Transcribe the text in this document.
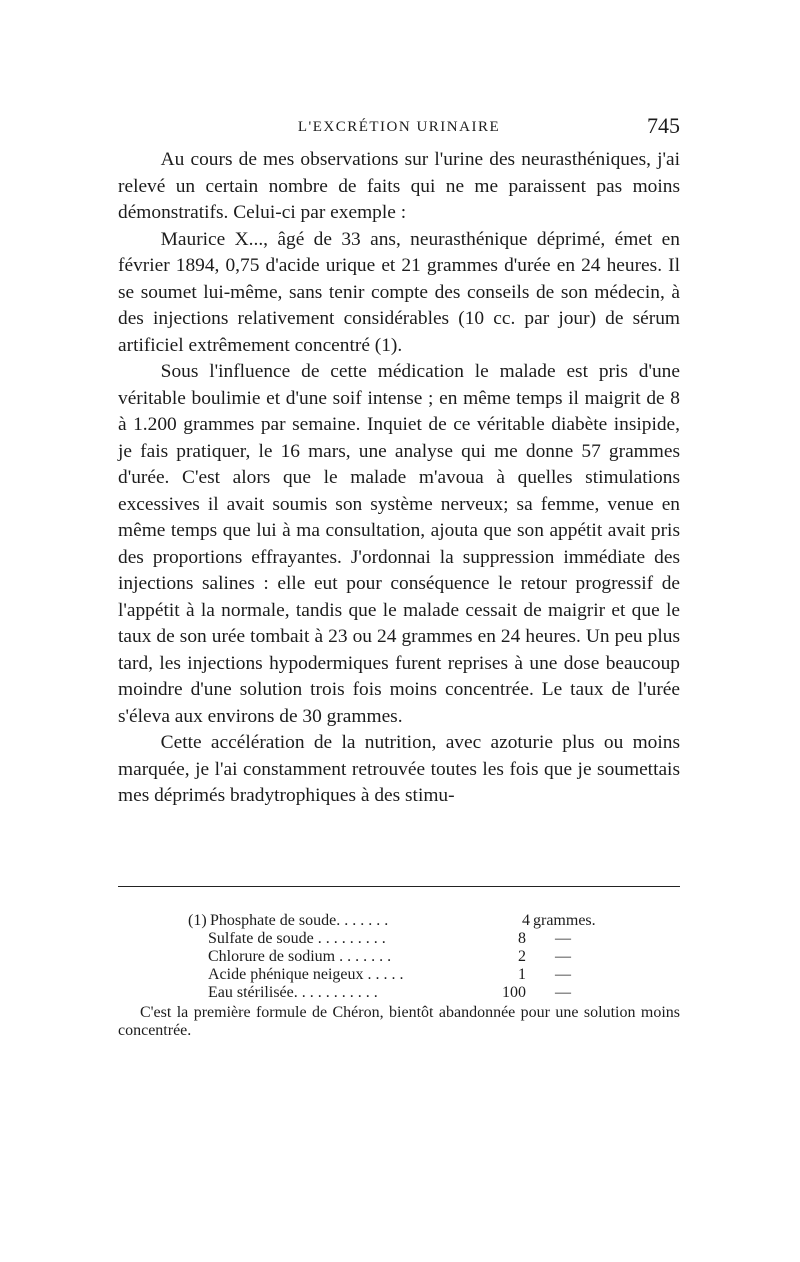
L'EXCRÉTION URINAIRE	745

Au cours de mes observations sur l'urine des neurasthéniques, j'ai relevé un certain nombre de faits qui ne me paraissent pas moins démonstratifs. Celui-ci par exemple :

Maurice X..., âgé de 33 ans, neurasthénique déprimé, émet en février 1894, 0,75 d'acide urique et 21 grammes d'urée en 24 heures. Il se soumet lui-même, sans tenir compte des conseils de son médecin, à des injections relativement considérables (10 cc. par jour) de sérum artificiel extrêmement concentré (1).

Sous l'influence de cette médication le malade est pris d'une véritable boulimie et d'une soif intense ; en même temps il maigrit de 8 à 1.200 grammes par semaine. Inquiet de ce véritable diabète insipide, je fais pratiquer, le 16 mars, une analyse qui me donne 57 grammes d'urée. C'est alors que le malade m'avoua à quelles stimulations excessives il avait soumis son système nerveux; sa femme, venue en même temps que lui à ma consultation, ajouta que son appétit avait pris des proportions effrayantes. J'ordonnai la suppression immédiate des injections salines : elle eut pour conséquence le retour progressif de l'appétit à la normale, tandis que le malade cessait de maigrir et que le taux de son urée tombait à 23 ou 24 grammes en 24 heures. Un peu plus tard, les injections hypodermiques furent reprises à une dose beaucoup moindre d'une solution trois fois moins concentrée. Le taux de l'urée s'éleva aux environs de 30 grammes.

Cette accélération de la nutrition, avec azoturie plus ou moins marquée, je l'ai constamment retrouvée toutes les fois que je soumettais mes déprimés bradytrophiques à des stimu-

(1) Phosphate de soude. . . . . . .	4 grammes.
Sulfate de soude . . . . . . . . .	8 —
Chlorure de sodium . . . . . . .	2 —
Acide phénique neigeux . . . . .	1 —
Eau stérilisée. . . . . . . . . . .	100 —
C'est la première formule de Chéron, bientôt abandonnée pour une solution moins concentrée.
